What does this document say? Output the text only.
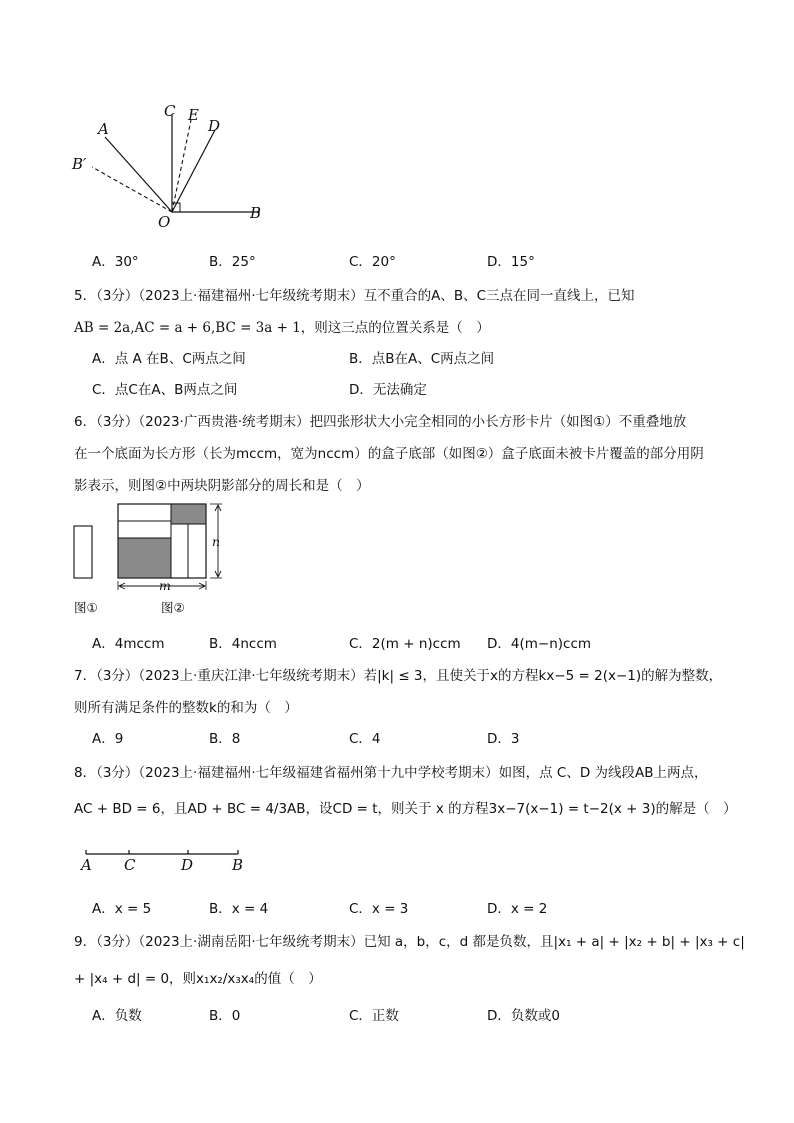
A
C E
D
B′
B
O
A．30°	B．25°	C．20°	D．15°
5．（3分）（2023上·福建福州·七年级统考期末）互不重合的A、B、C三点在同一直线上，已知
AB = 2a,AC = a + 6,BC = 3a + 1，则这三点的位置关系是（　）
A．点 A 在B、C两点之间	B．点B在A、C两点之间
C．点C在A、B两点之间	D．无法确定
6．（3分）（2023·广西贵港·统考期末）把四张形状大小完全相同的小长方形卡片（如图①）不重叠地放
在一个底面为长方形（长为mccm，宽为nccm）的盒子底部（如图②）盒子底面未被卡片覆盖的部分用阴
影表示，则图②中两块阴影部分的周长和是（　）
n
m
图①	图②
A．4mccm	B．4nccm	C．2(m + n)ccm D．4(m−n)ccm
7．（3分）（2023上·重庆江津·七年级统考期末）若|k| ≤ 3，且使关于x的方程kx−5 = 2(x−1)的解为整数，
则所有满足条件的整数k的和为（　）
A．9	B．8	C．4	D．3
8．（3分）（2023上·福建福州·七年级福建省福州第十九中学校考期末）如图，点 C、D 为线段AB上两点，
AC + BD = 6，且AD + BC = 4/3AB，设CD = t，则关于 x 的方程3x−7(x−1) = t−2(x + 3)的解是（　）
A C	D	B
A．x = 5	B．x = 4	C．x = 3	D．x = 2
9．（3分）（2023上·湖南岳阳·七年级统考期末）已知 a，b，c，d 都是负数，且|x₁ + a| + |x₂ + b| + |x₃ + c|
+ |x₄ + d| = 0，则x₁x₂/x₃x₄的值（　）
A．负数	B．0	C．正数	D．负数或0
